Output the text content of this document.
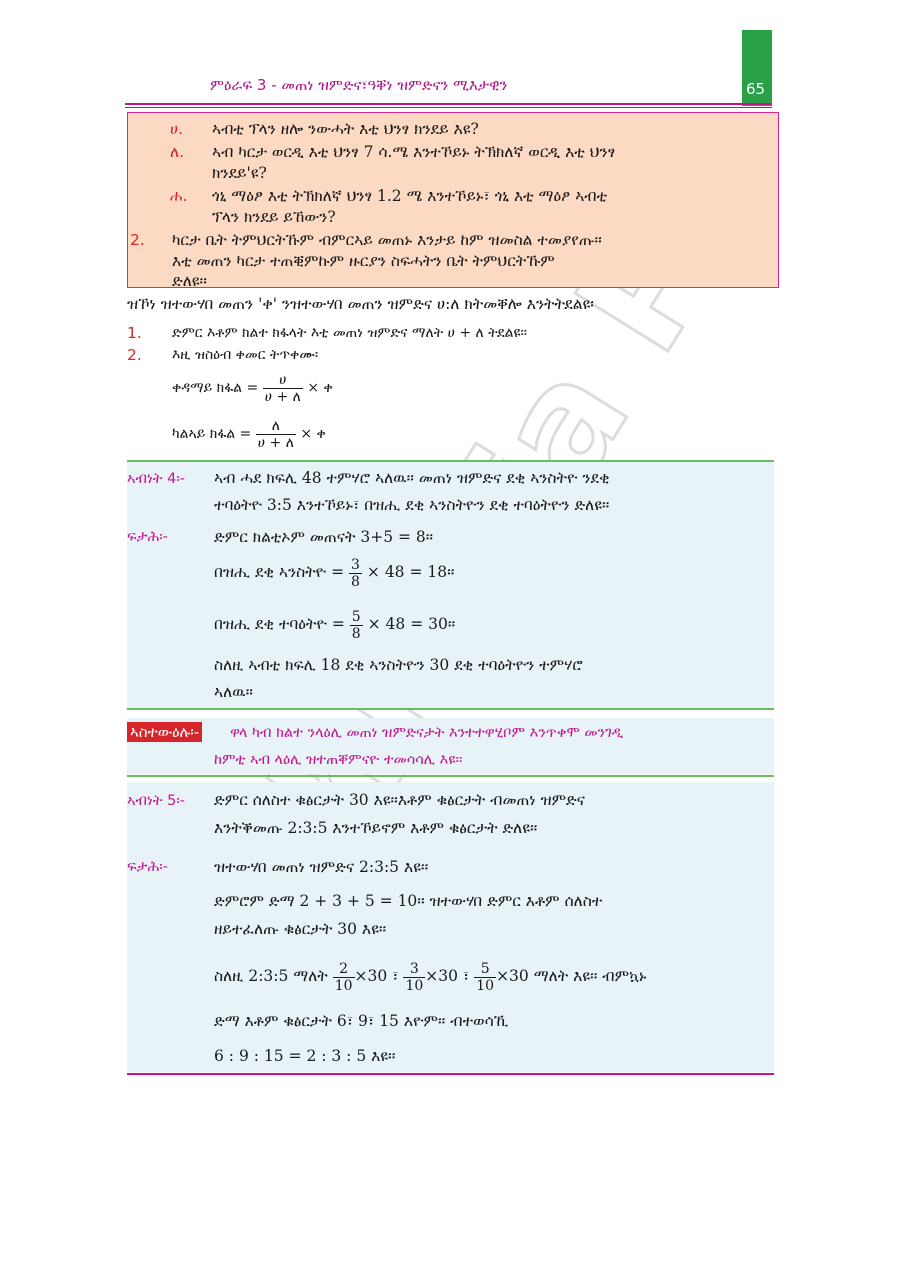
65
ምዕራፍ 3 - መጠነ ዝምድና፣ዓቐነ ዝምድናን ሚእታዊን
ሀ. ኣብቲ ፕላን ዘሎ ንውሓት እቲ ህንፃ ክንደይ እዩ?
ለ. ኣብ ካርታ ወርዲ እቲ ህንፃ 7 ሳ.ሜ እንተኾይኑ ትኽክለኛ ወርዲ እቲ ህንፃ
ክንደይ'ዩ?
ሐ. ጎኒ ማዕፆ እቲ ትኽክለኛ ህንፃ 1.2 ሜ እንተኾይኑ፣ ጎኒ እቲ ማዕፆ ኣብቲ
ፕላን ክንደይ ይኸውን?
2. ካርታ ቤት ትምህርትኹም ብምርኣይ መጠኑ እንታይ ከም ዝመስል ተመያየጡ፡፡
እቲ መጠን ካርታ ተጠቒምኩም ዙርያን ስፍሓትን ቤት ትምህርትኹም
ድለዩ፡፡
ዝኾነ ዝተውሃበ መጠን 'ቀ' ንዝተውሃበ መጠን ዝምድና ሀ:ለ ክትመቐሎ እንትትደልዩ፡
1. ድምር እቶም ክልተ ክፋላት እቲ መጠነ ዝምድና ማለት ሀ + ለ ትደልዩ፡፡
2. እዚ ዝስዕብ ቀመር ትጥቀሙ፡
ቀዳማይ ክፋል = $\frac{\text{ሀ}}{\text{ሀ + ለ}}$ × ቀ
ካልኣይ ክፋል = $\frac{\text{ለ}}{\text{ሀ + ለ}}$ × ቀ
ኣብነት 4፡- ኣብ ሓደ ክፍሊ 48 ተምሃሮ ኣለዉ፡፡ መጠነ ዝምድና ደቂ ኣንስትዮ ንደቂ
ተባዕትዮ 3:5 እንተኾይኑ፣ በዝሒ ደቂ ኣንስትዮን ደቂ ተባዕትዮን ድለዩ፡፡
ፍታሕ፡-	ድምር ክልቲኦም መጠናት 3+5 = 8፡፡
በዝሒ ደቂ ኣንስትዮ = $\frac{3}{8} \times 48$ = 18፡፡
በዝሒ ደቂ ተባዕትዮ = $\frac{5}{8} \times 48$ = 30፡፡
ስለዚ ኣብቲ ክፍሊ 18 ደቂ ኣንስትዮን 30 ደቂ ተባዕትዮን ተምሃሮ
ኣለዉ፡፡
ኣስተውዕሉ፡- ዋላ ካብ ክልተ ንላዕሊ መጠነ ዝምድናታት እንተተዋሂቦም እንጥቀሞ መንገዲ
ከምቲ ኣብ ላዕሊ ዝተጠቐምናዮ ተመሳሳሊ እዩ፡፡
ኣብነት 5፡- ድምር ሰለስተ ቁፅርታት 30 እዩ፡፡እቶም ቁፅርታት ብመጠነ ዝምድና
እንትቕመጡ 2:3:5 እንተኾይኖም እቶም ቁፅርታት ድለዩ፡፡
ፍታሕ፡-	ዝተውሃበ መጠነ ዝምድና 2:3:5 እዩ፡፡
ድምሮም ድማ 2 + 3 + 5 = 10፡፡ ዝተውሃበ ድምር እቶም ሰለስተ
ዘይተፈለጡ ቁፅርታት 30 እዩ፡፡
ስለዚ 2:3:5 ማለት $\frac{2}{10} \times 30$ ፣ $\frac{3}{10} \times 30$ ፣ $\frac{5}{10} \times 30$ ማለት እዩ፡፡ ብምኳኑ
ድማ እቶም ቁፅርታት 6፣ 9፣ 15 እዮም፡፡ ብተወሳኺ
6 : 9 : 15 = 2 : 3 : 5 እዩ፡፡
